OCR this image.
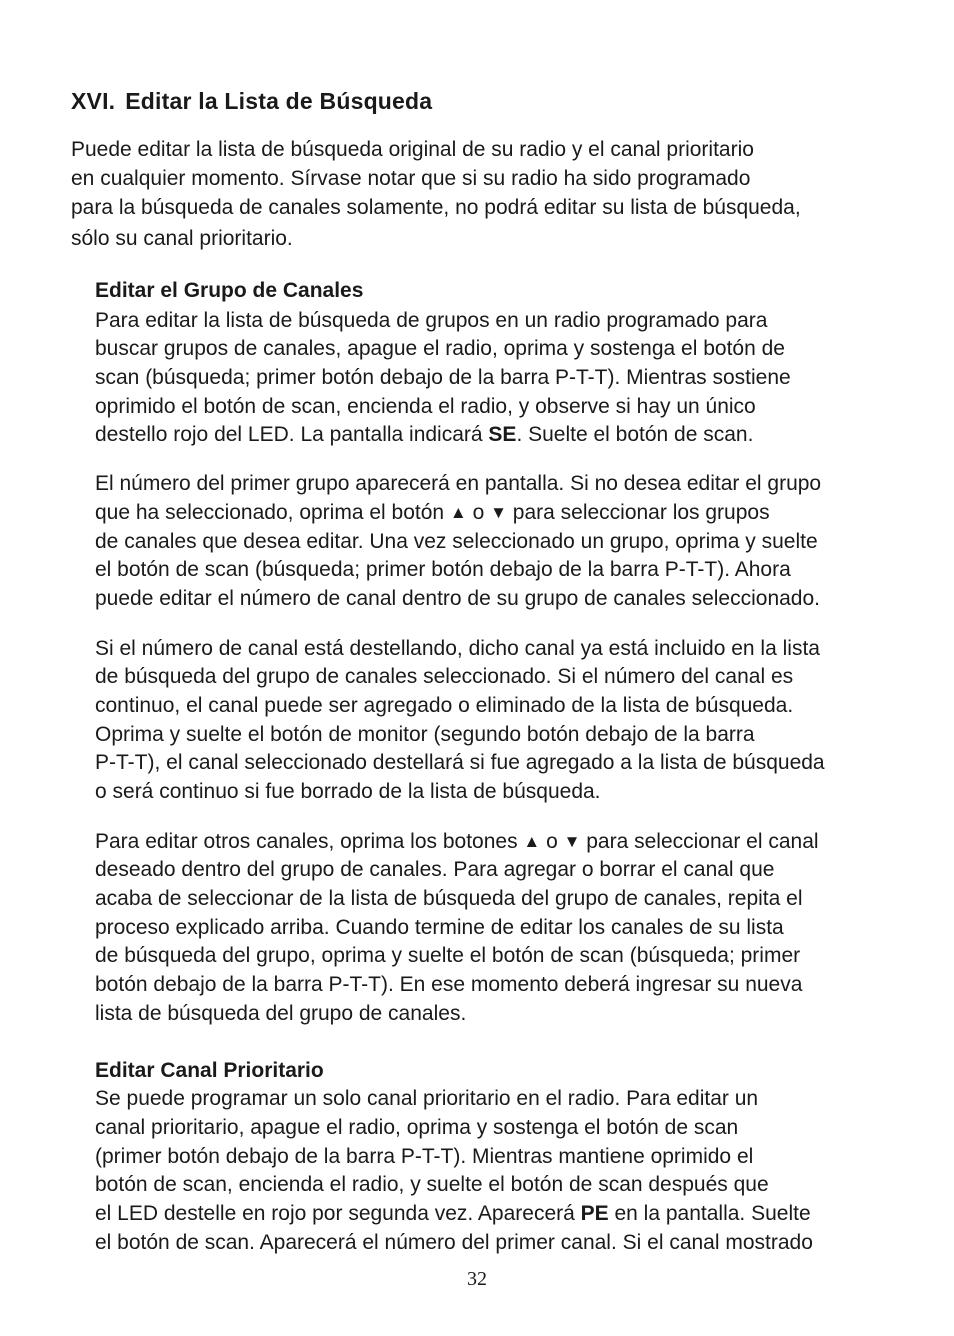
XVI. Editar la Lista de Búsqueda

Puede editar la lista de búsqueda original de su radio y el canal prioritario

en cualquier momento. Sírvase notar que si su radio ha sido programado

para la búsqueda de canales solamente, no podrá editar su lista de búsqueda,

sólo su canal prioritario.

Editar el Grupo de Canales

Para editar la lista de búsqueda de grupos en un radio programado para

buscar grupos de canales, apague el radio, oprima y sostenga el botón de

scan (búsqueda; primer botón debajo de la barra P-T-T). Mientras sostiene

oprimido el botón de scan, encienda el radio, y observe si hay un único

destello rojo del LED. La pantalla indicará SE. Suelte el botón de scan.

El número del primer grupo aparecerá en pantalla. Si no desea editar el grupo

que ha seleccionado, oprima el botón ▲ o ▼ para seleccionar los grupos

de canales que desea editar. Una vez seleccionado un grupo, oprima y suelte

el botón de scan (búsqueda; primer botón debajo de la barra P-T-T). Ahora

puede editar el número de canal dentro de su grupo de canales seleccionado.

Si el número de canal está destellando, dicho canal ya está incluido en la lista

de búsqueda del grupo de canales seleccionado. Si el número del canal es

continuo, el canal puede ser agregado o eliminado de la lista de búsqueda.

Oprima y suelte el botón de monitor (segundo botón debajo de la barra

P-T-T), el canal seleccionado destellará si fue agregado a la lista de búsqueda

o será continuo si fue borrado de la lista de búsqueda.

Para editar otros canales, oprima los botones ▲ o ▼ para seleccionar el canal

deseado dentro del grupo de canales. Para agregar o borrar el canal que

acaba de seleccionar de la lista de búsqueda del grupo de canales, repita el

proceso explicado arriba. Cuando termine de editar los canales de su lista

de búsqueda del grupo, oprima y suelte el botón de scan (búsqueda; primer

botón debajo de la barra P-T-T). En ese momento deberá ingresar su nueva

lista de búsqueda del grupo de canales.

Editar Canal Prioritario

Se puede programar un solo canal prioritario en el radio. Para editar un

canal prioritario, apague el radio, oprima y sostenga el botón de scan

(primer botón debajo de la barra P-T-T). Mientras mantiene oprimido el

botón de scan, encienda el radio, y suelte el botón de scan después que

el LED destelle en rojo por segunda vez. Aparecerá PE en la pantalla. Suelte

el botón de scan. Aparecerá el número del primer canal. Si el canal mostrado

32
